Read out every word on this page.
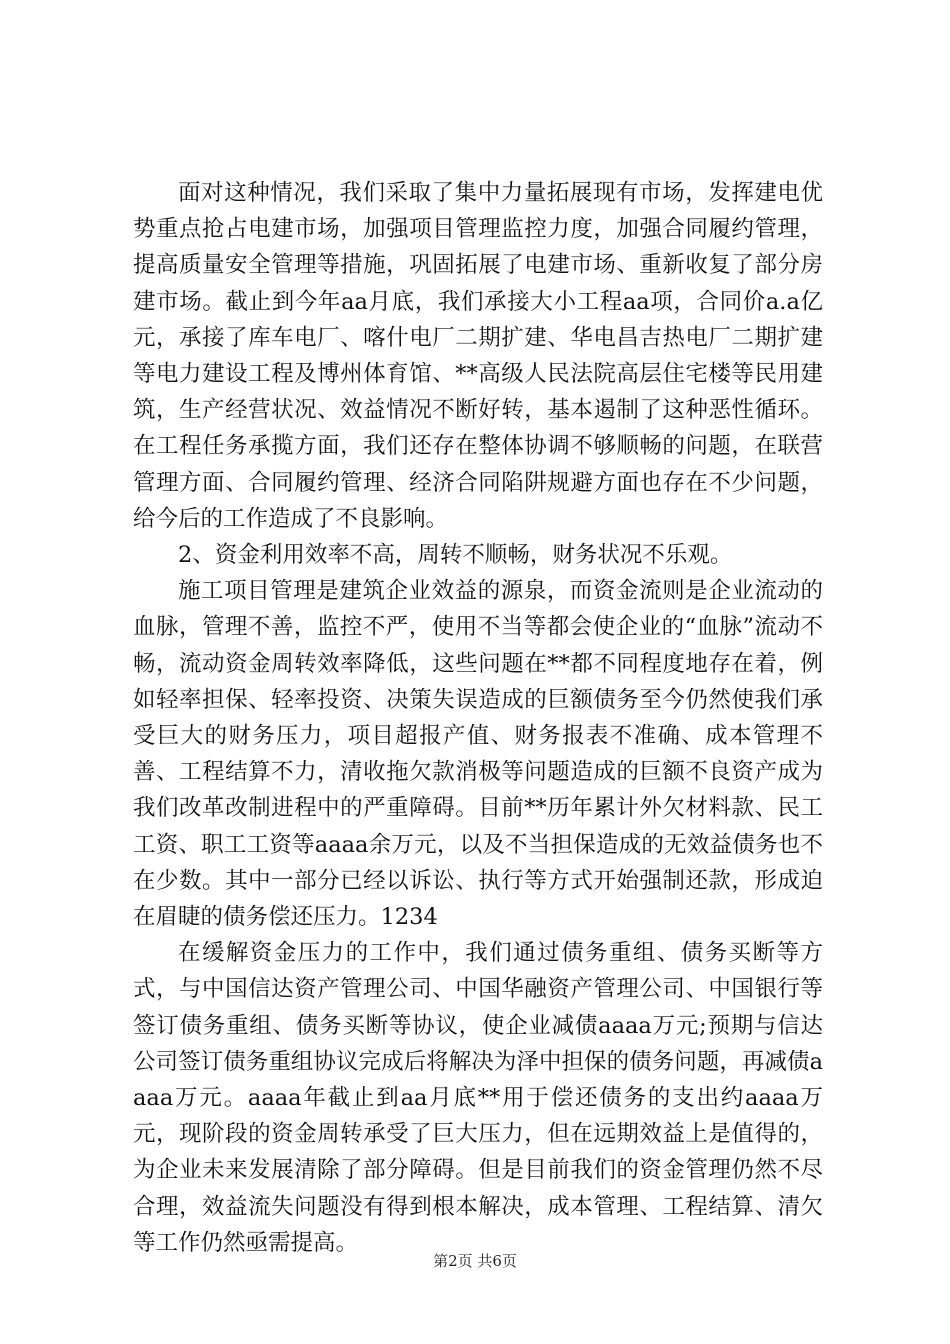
面对这种情况，我们采取了集中力量拓展现有市场，发挥建电优势重点抢占电建市场，加强项目管理监控力度，加强合同履约管理，提高质量安全管理等措施，巩固拓展了电建市场、重新收复了部分房建市场。截止到今年aa月底，我们承接大小工程aa项，合同价a.a亿元，承接了库车电厂、喀什电厂二期扩建、华电昌吉热电厂二期扩建等电力建设工程及博州体育馆、**高级人民法院高层住宅楼等民用建筑，生产经营状况、效益情况不断好转，基本遏制了这种恶性循环。在工程任务承揽方面，我们还存在整体协调不够顺畅的问题，在联营管理方面、合同履约管理、经济合同陷阱规避方面也存在不少问题，给今后的工作造成了不良影响。

2、资金利用效率不高，周转不顺畅，财务状况不乐观。

施工项目管理是建筑企业效益的源泉，而资金流则是企业流动的血脉，管理不善，监控不严，使用不当等都会使企业的“血脉”流动不畅，流动资金周转效率降低，这些问题在**都不同程度地存在着，例如轻率担保、轻率投资、决策失误造成的巨额债务至今仍然使我们承受巨大的财务压力，项目超报产值、财务报表不准确、成本管理不善、工程结算不力，清收拖欠款消极等问题造成的巨额不良资产成为我们改革改制进程中的严重障碍。目前**历年累计外欠材料款、民工工资、职工工资等aaaa余万元，以及不当担保造成的无效益债务也不在少数。其中一部分已经以诉讼、执行等方式开始强制还款，形成迫在眉睫的债务偿还压力。1234

在缓解资金压力的工作中，我们通过债务重组、债务买断等方式，与中国信达资产管理公司、中国华融资产管理公司、中国银行等签订债务重组、债务买断等协议，使企业减债aaaa万元;预期与信达公司签订债务重组协议完成后将解决为泽中担保的债务问题，再减债aaaa万元。aaaa年截止到aa月底**用于偿还债务的支出约aaaa万元，现阶段的资金周转承受了巨大压力，但在远期效益上是值得的，为企业未来发展清除了部分障碍。但是目前我们的资金管理仍然不尽合理，效益流失问题没有得到根本解决，成本管理、工程结算、清欠等工作仍然亟需提高。

第2页 共6页
